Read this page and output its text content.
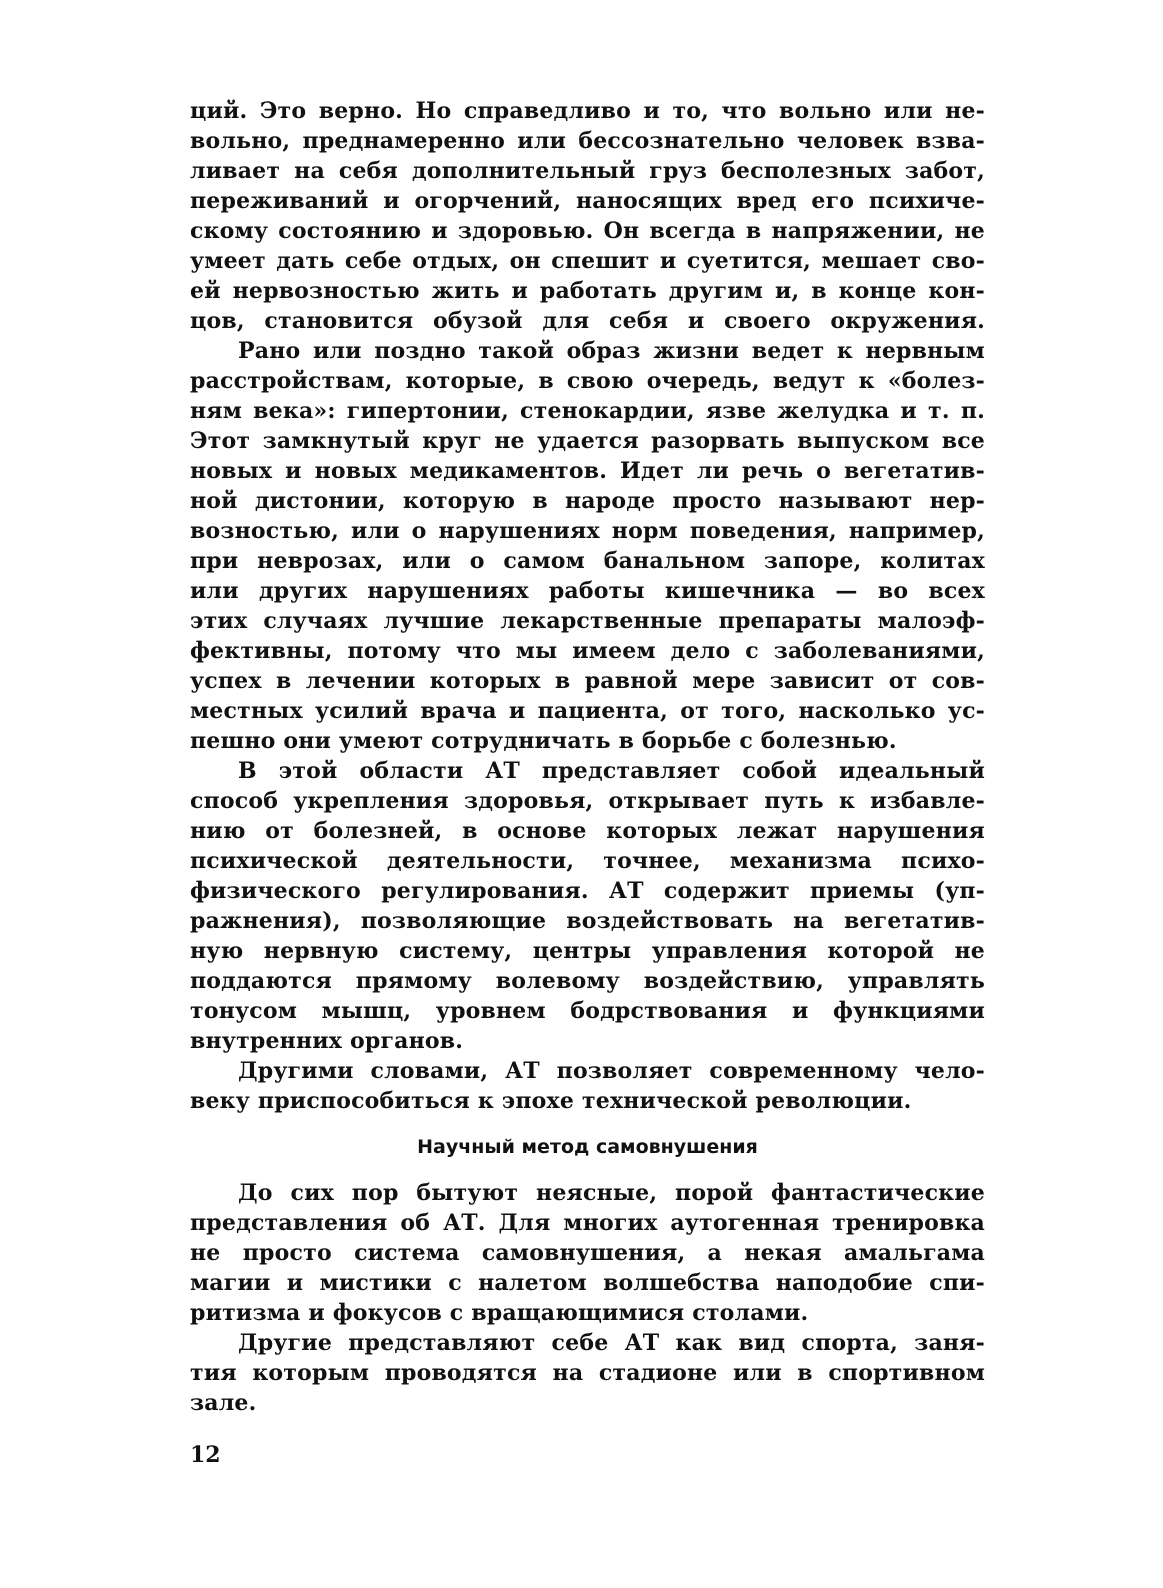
ций. Это верно. Но справедливо и то, что вольно или не-
вольно, преднамеренно или бессознательно человек взва-
ливает на себя дополнительный груз бесполезных забот,
переживаний и огорчений, наносящих вред его психиче-
скому состоянию и здоровью. Он всегда в напряжении, не
умеет дать себе отдых, он спешит и суетится, мешает сво-
ей нервозностью жить и работать другим и, в конце кон-
цов, становится обузой для себя и своего окружения.
Рано или поздно такой образ жизни ведет к нервным
расстройствам, которые, в свою очередь, ведут к «болез-
ням века»: гипертонии, стенокардии, язве желудка и т. п.
Этот замкнутый круг не удается разорвать выпуском все
новых и новых медикаментов. Идет ли речь о вегетатив-
ной дистонии, которую в народе просто называют нер-
возностью, или о нарушениях норм поведения, например,
при неврозах, или о самом банальном запоре, колитах
или других нарушениях работы кишечника — во всех
этих случаях лучшие лекарственные препараты малоэф-
фективны, потому что мы имеем дело с заболеваниями,
успех в лечении которых в равной мере зависит от сов-
местных усилий врача и пациента, от того, насколько ус-
пешно они умеют сотрудничать в борьбе с болезнью.
В этой области АТ представляет собой идеальный
способ укрепления здоровья, открывает путь к избавле-
нию от болезней, в основе которых лежат нарушения
психической деятельности, точнее, механизма психо-
физического регулирования. АТ содержит приемы (уп-
ражнения), позволяющие воздействовать на вегетатив-
ную нервную систему, центры управления которой не
поддаются прямому волевому воздействию, управлять
тонусом мышц, уровнем бодрствования и функциями
внутренних органов.
Другими словами, АТ позволяет современному чело-
веку приспособиться к эпохе технической революции.
Научный метод самовнушения
До сих пор бытуют неясные, порой фантастические
представления об АТ. Для многих аутогенная тренировка
не просто система самовнушения, а некая амальгама
магии и мистики с налетом волшебства наподобие спи-
ритизма и фокусов с вращающимися столами.
Другие представляют себе АТ как вид спорта, заня-
тия которым проводятся на стадионе или в спортивном
зале.
12
